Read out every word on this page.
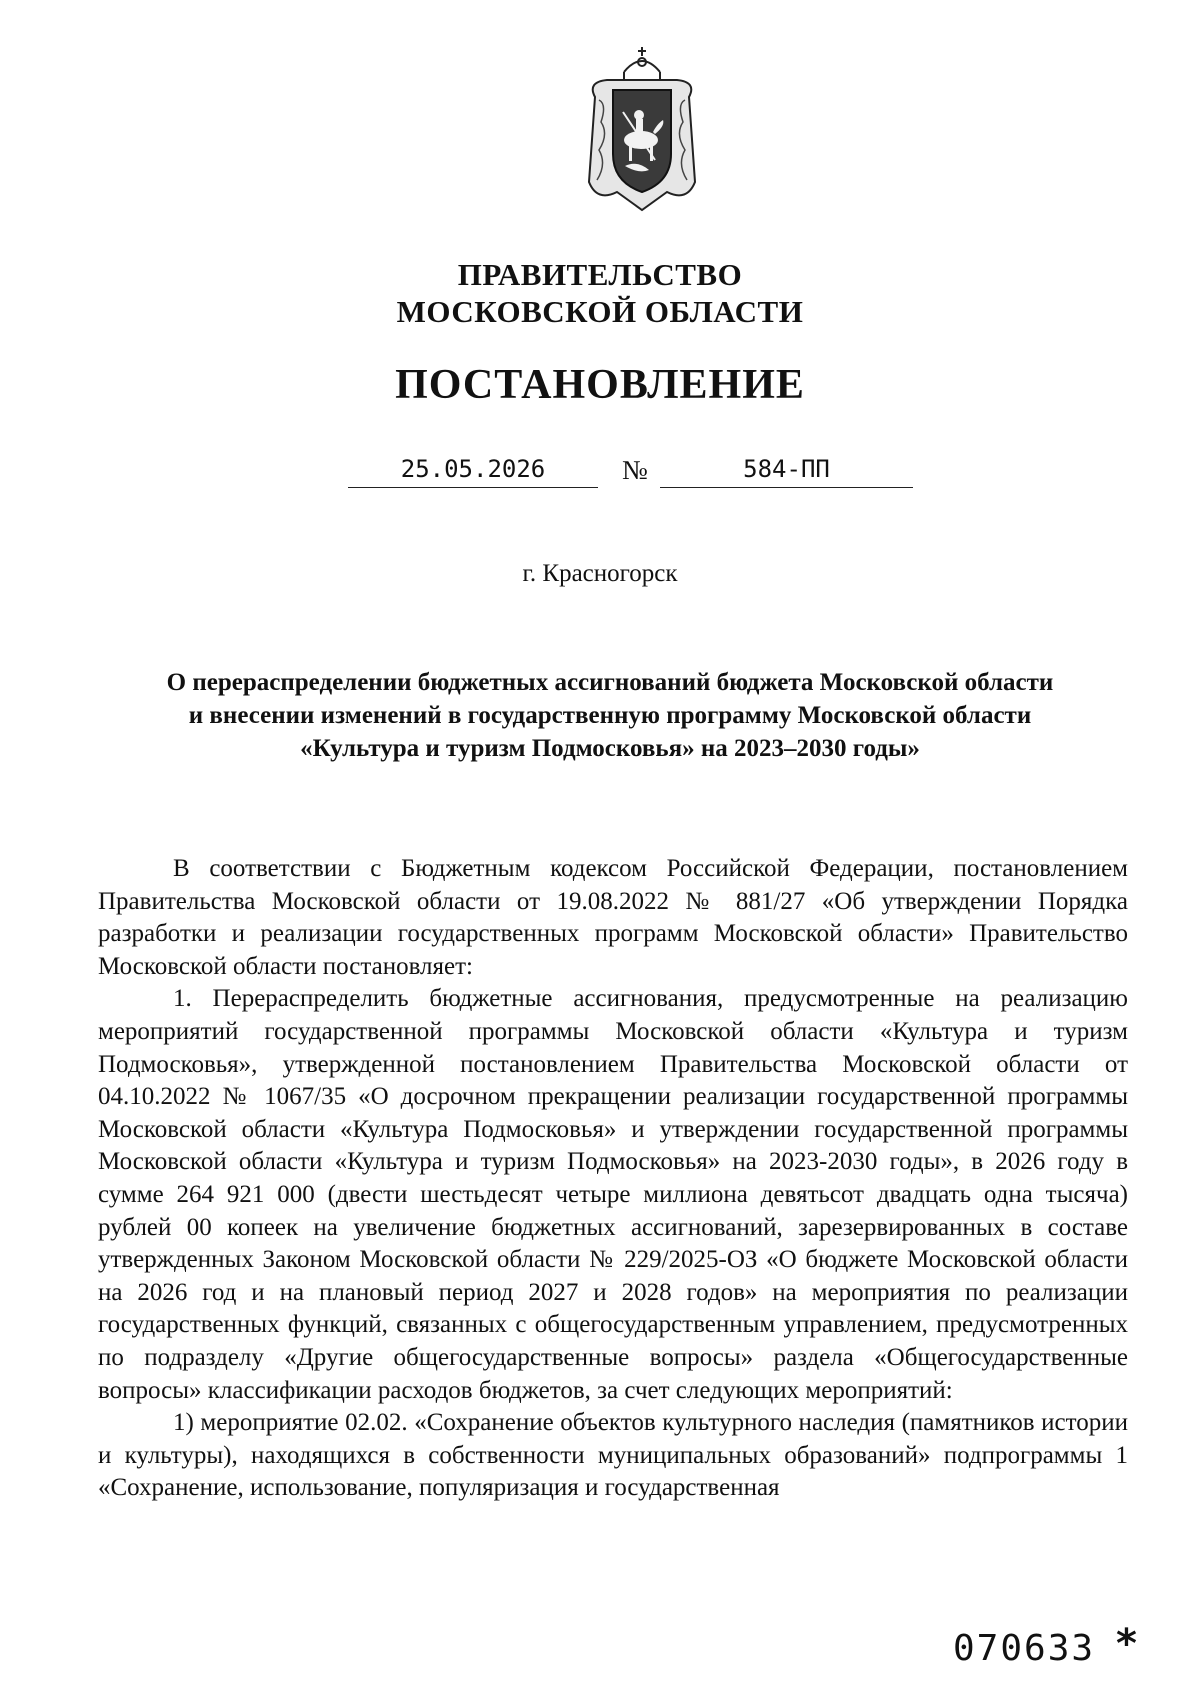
ПРАВИТЕЛЬСТВО
МОСКОВСКОЙ ОБЛАСТИ
ПОСТАНОВЛЕНИЕ
25.05.2026	№	584-ПП
г. Красногорск
О перераспределении бюджетных ассигнований бюджета Московской области
и внесении изменений в государственную программу Московской области
«Культура и туризм Подмосковья» на 2023–2030 годы»

В соответствии с Бюджетным кодексом Российской Федерации, постановлением Правительства Московской области от 19.08.2022 № 881/27 «Об утверждении Порядка разработки и реализации государственных программ Московской области» Правительство Московской области постановляет:

1. Перераспределить бюджетные ассигнования, предусмотренные на реализацию мероприятий государственной программы Московской области «Культура и туризм Подмосковья», утвержденной постановлением Правительства Московской области от 04.10.2022 № 1067/35 «О досрочном прекращении реализации государственной программы Московской области «Культура Подмосковья» и утверждении государственной программы Московской области «Культура и туризм Подмосковья» на 2023-2030 годы», в 2026 году в сумме 264 921 000 (двести шестьдесят четыре миллиона девятьсот двадцать одна тысяча) рублей 00 копеек на увеличение бюджетных ассигнований, зарезервированных в составе утвержденных Законом Московской области № 229/2025-ОЗ «О бюджете Московской области на 2026 год и на плановый период 2027 и 2028 годов» на мероприятия по реализации государственных функций, связанных с общегосударственным управлением, предусмотренных по подразделу «Другие общегосударственные вопросы» раздела «Общегосударственные вопросы» классификации расходов бюджетов, за счет следующих мероприятий:

1) мероприятие 02.02. «Сохранение объектов культурного наследия (памятников истории и культуры), находящихся в собственности муниципальных образований» подпрограммы 1 «Сохранение, использование, популяризация и государственная

070633 *
